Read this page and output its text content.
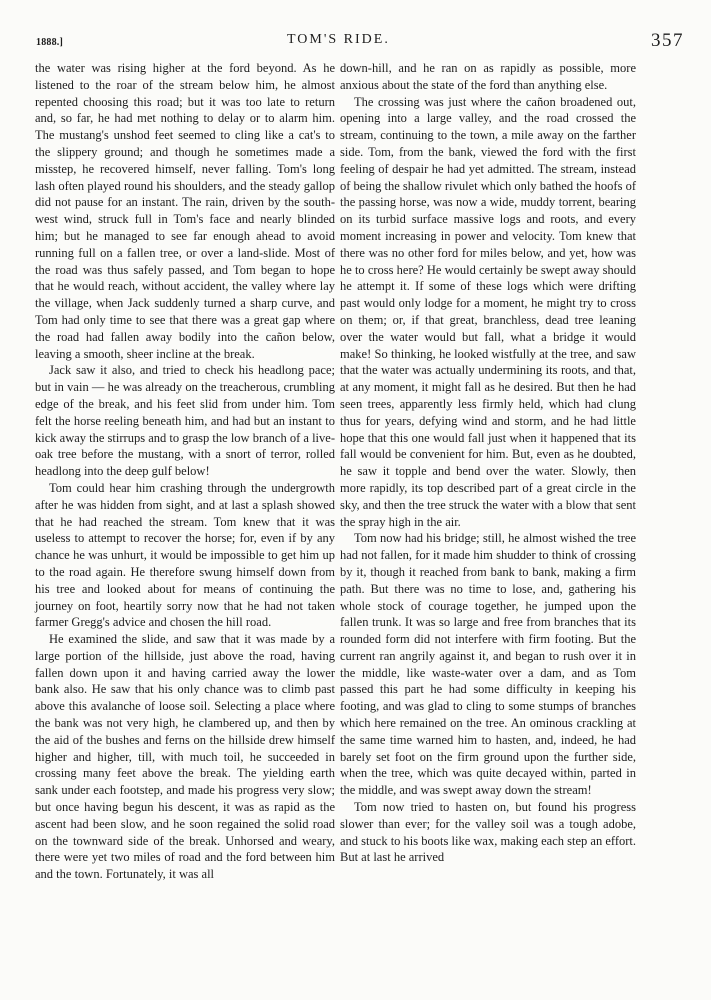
1888.]	TOM'S RIDE.	357

the water was rising higher at the ford beyond. As he listened to the roar of the stream below him, he almost repented choosing this road; but it was too late to return and, so far, he had met nothing to delay or to alarm him. The mustang's unshod feet seemed to cling like a cat's to the slippery ground; and though he sometimes made a misstep, he recovered himself, never falling. Tom's long lash often played round his shoulders, and the steady gallop did not pause for an instant. The rain, driven by the south-west wind, struck full in Tom's face and nearly blinded him; but he managed to see far enough ahead to avoid running full on a fallen tree, or over a land-slide. Most of the road was thus safely passed, and Tom began to hope that he would reach, without accident, the valley where lay the village, when Jack suddenly turned a sharp curve, and Tom had only time to see that there was a great gap where the road had fallen away bodily into the cañon below, leaving a smooth, sheer incline at the break.

Jack saw it also, and tried to check his headlong pace; but in vain — he was already on the treacherous, crumbling edge of the break, and his feet slid from under him. Tom felt the horse reeling beneath him, and had but an instant to kick away the stirrups and to grasp the low branch of a live-oak tree before the mustang, with a snort of terror, rolled headlong into the deep gulf below!

Tom could hear him crashing through the undergrowth after he was hidden from sight, and at last a splash showed that he had reached the stream. Tom knew that it was useless to attempt to recover the horse; for, even if by any chance he was unhurt, it would be impossible to get him up to the road again. He therefore swung himself down from his tree and looked about for means of continuing the journey on foot, heartily sorry now that he had not taken farmer Gregg's advice and chosen the hill road.

He examined the slide, and saw that it was made by a large portion of the hillside, just above the road, having fallen down upon it and having carried away the lower bank also. He saw that his only chance was to climb past above this avalanche of loose soil. Selecting a place where the bank was not very high, he clambered up, and then by the aid of the bushes and ferns on the hillside drew himself higher and higher, till, with much toil, he succeeded in crossing many feet above the break. The yielding earth sank under each footstep, and made his progress very slow; but once having begun his descent, it was as rapid as the ascent had been slow, and he soon regained the solid road on the townward side of the break. Unhorsed and weary, there were yet two miles of road and the ford between him and the town. Fortunately, it was all

down-hill, and he ran on as rapidly as possible, more anxious about the state of the ford than anything else.

The crossing was just where the cañon broadened out, opening into a large valley, and the road crossed the stream, continuing to the town, a mile away on the farther side. Tom, from the bank, viewed the ford with the first feeling of despair he had yet admitted. The stream, instead of being the shallow rivulet which only bathed the hoofs of the passing horse, was now a wide, muddy torrent, bearing on its turbid surface massive logs and roots, and every moment increasing in power and velocity. Tom knew that there was no other ford for miles below, and yet, how was he to cross here? He would certainly be swept away should he attempt it. If some of these logs which were drifting past would only lodge for a moment, he might try to cross on them; or, if that great, branchless, dead tree leaning over the water would but fall, what a bridge it would make! So thinking, he looked wistfully at the tree, and saw that the water was actually undermining its roots, and that, at any moment, it might fall as he desired. But then he had seen trees, apparently less firmly held, which had clung thus for years, defying wind and storm, and he had little hope that this one would fall just when it happened that its fall would be convenient for him. But, even as he doubted, he saw it topple and bend over the water. Slowly, then more rapidly, its top described part of a great circle in the sky, and then the tree struck the water with a blow that sent the spray high in the air.

Tom now had his bridge; still, he almost wished the tree had not fallen, for it made him shudder to think of crossing by it, though it reached from bank to bank, making a firm path. But there was no time to lose, and, gathering his whole stock of courage together, he jumped upon the fallen trunk. It was so large and free from branches that its rounded form did not interfere with firm footing. But the current ran angrily against it, and began to rush over it in the middle, like waste-water over a dam, and as Tom passed this part he had some difficulty in keeping his footing, and was glad to cling to some stumps of branches which here remained on the tree. An ominous crackling at the same time warned him to hasten, and, indeed, he had barely set foot on the firm ground upon the further side, when the tree, which was quite decayed within, parted in the middle, and was swept away down the stream!

Tom now tried to hasten on, but found his progress slower than ever; for the valley soil was a tough adobe, and stuck to his boots like wax, making each step an effort. But at last he arrived
